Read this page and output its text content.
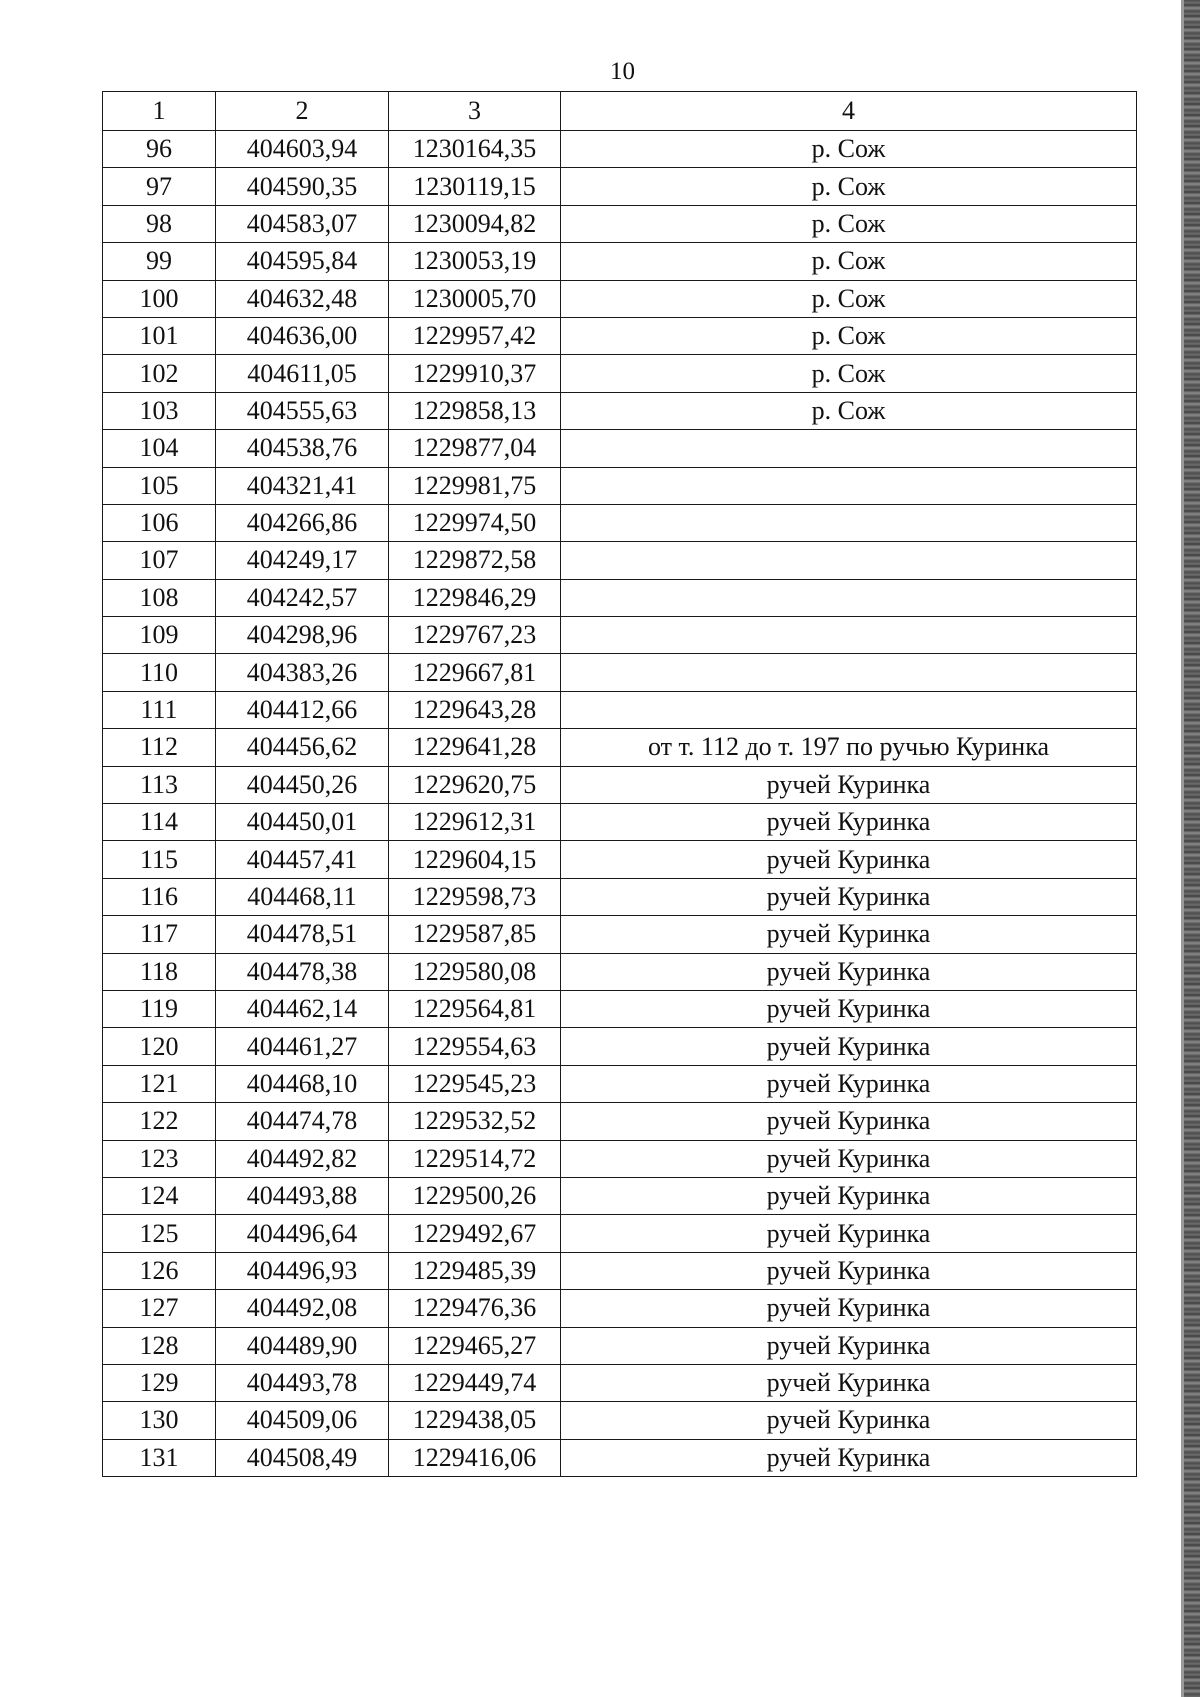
10
1	2	3	4
96	404603,94	1230164,35	р. Сож
97	404590,35	1230119,15	р. Сож
98	404583,07	1230094,82	р. Сож
99	404595,84	1230053,19	р. Сож
100	404632,48	1230005,70	р. Сож
101	404636,00	1229957,42	р. Сож
102	404611,05	1229910,37	р. Сож
103	404555,63	1229858,13	р. Сож
104	404538,76	1229877,04	
105	404321,41	1229981,75	
106	404266,86	1229974,50	
107	404249,17	1229872,58	
108	404242,57	1229846,29	
109	404298,96	1229767,23	
110	404383,26	1229667,81	
111	404412,66	1229643,28	
112	404456,62	1229641,28	от т. 112 до т. 197 по ручью Куринка
113	404450,26	1229620,75	ручей Куринка
114	404450,01	1229612,31	ручей Куринка
115	404457,41	1229604,15	ручей Куринка
116	404468,11	1229598,73	ручей Куринка
117	404478,51	1229587,85	ручей Куринка
118	404478,38	1229580,08	ручей Куринка
119	404462,14	1229564,81	ручей Куринка
120	404461,27	1229554,63	ручей Куринка
121	404468,10	1229545,23	ручей Куринка
122	404474,78	1229532,52	ручей Куринка
123	404492,82	1229514,72	ручей Куринка
124	404493,88	1229500,26	ручей Куринка
125	404496,64	1229492,67	ручей Куринка
126	404496,93	1229485,39	ручей Куринка
127	404492,08	1229476,36	ручей Куринка
128	404489,90	1229465,27	ручей Куринка
129	404493,78	1229449,74	ручей Куринка
130	404509,06	1229438,05	ручей Куринка
131	404508,49	1229416,06	ручей Куринка
